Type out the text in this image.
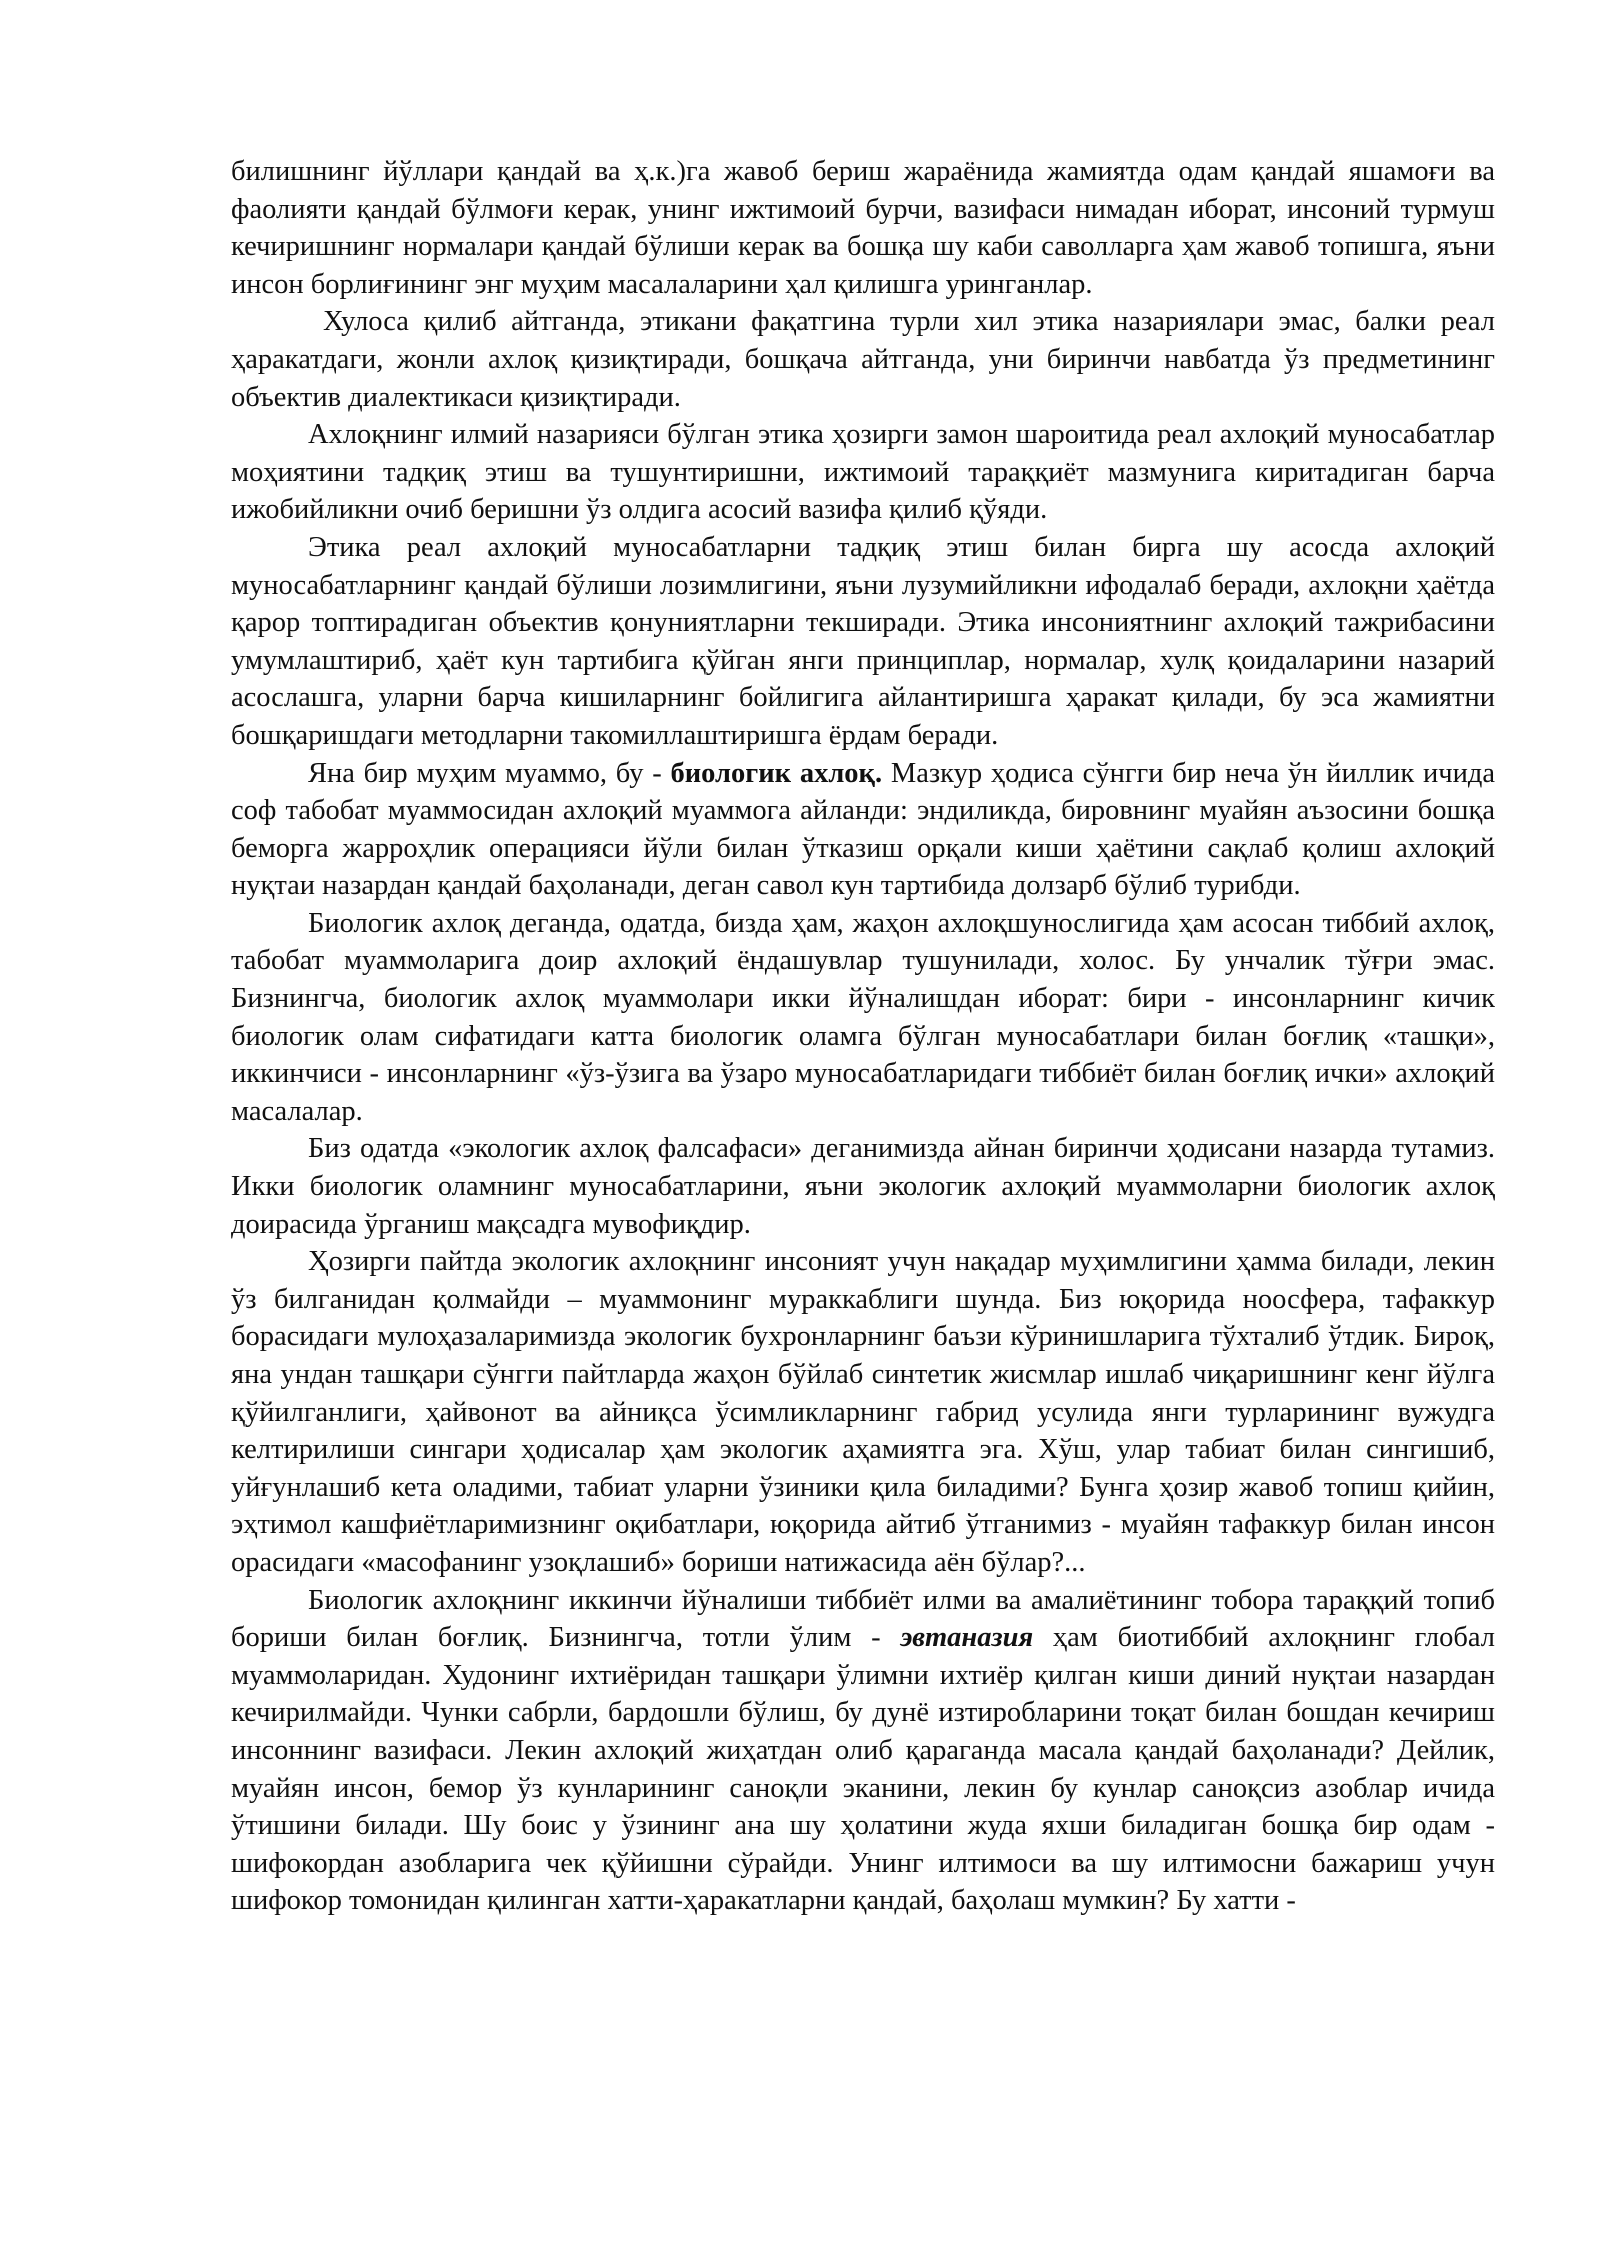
билишнинг йўллари қандай ва ҳ.к.)га жавоб бериш жараёнида жамиятда одам қандай яшамоғи ва фаолияти қандай бўлмоғи керак, унинг ижтимоий бурчи, вазифаси нимадан иборат, инсоний турмуш кечиришнинг нормалари қандай бўлиши керак ва бошқа шу каби саволларга ҳам жавоб топишга, яъни инсон борлиғининг энг муҳим масалаларини ҳал қилишга уринганлар.

Хулоса қилиб айтганда, этикани фақатгина турли хил этика назариялари эмас, балки реал ҳаракатдаги, жонли ахлоқ қизиқтиради, бошқача айтганда, уни биринчи навбатда ўз предметининг объектив диалектикаси қизиқтиради.

Ахлоқнинг илмий назарияси бўлган этика ҳозирги замон шароитида реал ахлоқий муносабатлар моҳиятини тадқиқ этиш ва тушунтиришни, ижтимоий тараққиёт мазмунига киритадиган барча ижобийликни очиб беришни ўз олдига асосий вазифа қилиб қўяди.

Этика реал ахлоқий муносабатларни тадқиқ этиш билан бирга шу асосда ахлоқий муносабатларнинг қандай бўлиши лозимлигини, яъни лузумийликни ифодалаб беради, ахлоқни ҳаётда қарор топтирадиган объектив қонуниятларни текширади. Этика инсониятнинг ахлоқий тажрибасини умумлаштириб, ҳаёт кун тартибига қўйган янги принциплар, нормалар, хулқ қоидаларини назарий асослашга, уларни барча кишиларнинг бойлигига айлантиришга ҳаракат қилади, бу эса жамиятни бошқаришдаги методларни такомиллаштиришга ёрдам беради.

Яна бир муҳим муаммо, бу - биологик ахлоқ. Мазкур ҳодиса сўнгги бир неча ўн йиллик ичида соф табобат муаммосидан ахлоқий муаммога айланди: эндиликда, бировнинг муайян аъзосини бошқа беморга жарроҳлик операцияси йўли билан ўтказиш орқали киши ҳаётини сақлаб қолиш ахлоқий нуқтаи назардан қандай баҳоланади, деган савол кун тартибида долзарб бўлиб турибди.

Биологик ахлоқ деганда, одатда, бизда ҳам, жаҳон ахлоқшунослигида ҳам асосан тиббий ахлоқ, табобат муаммоларига доир ахлоқий ёндашувлар тушунилади, холос. Бу унчалик тўғри эмас. Бизнингча, биологик ахлоқ муаммолари икки йўналишдан иборат: бири - инсонларнинг кичик биологик олам сифатидаги катта биологик оламга бўлган муносабатлари билан боғлиқ «ташқи», иккинчиси - инсонларнинг «ўз-ўзига ва ўзаро муносабатларидаги тиббиёт билан боғлиқ ички» ахлоқий масалалар.

Биз одатда «экологик ахлоқ фалсафаси» деганимизда айнан биринчи ҳодисани назарда тутамиз. Икки биологик оламнинг муносабатларини, яъни экологик ахлоқий муаммоларни биологик ахлоқ доирасида ўрганиш мақсадга мувофиқдир.

Ҳозирги пайтда экологик ахлоқнинг инсоният учун нақадар муҳимлигини ҳамма билади, лекин ўз билганидан қолмайди – муаммонинг мураккаблиги шунда. Биз юқорида ноосфера, тафаккур борасидаги мулоҳазаларимизда экологик бухронларнинг баъзи кўринишларига тўхталиб ўтдик. Бироқ, яна ундан ташқари сўнгги пайтларда жаҳон бўйлаб синтетик жисмлар ишлаб чиқаришнинг кенг йўлга қўйилганлиги, ҳайвонот ва айниқса ўсимликларнинг габрид усулида янги турларининг вужудга келтирилиши сингари ҳодисалар ҳам экологик аҳамиятга эга. Хўш, улар табиат билан сингишиб, уйғунлашиб кета оладими, табиат уларни ўзиники қила биладими? Бунга ҳозир жавоб топиш қийин, эҳтимол кашфиётларимизнинг оқибатлари, юқорида айтиб ўтганимиз - муайян тафаккур билан инсон орасидаги «масофанинг узоқлашиб» бориши натижасида аён бўлар?...

Биологик ахлоқнинг иккинчи йўналиши тиббиёт илми ва амалиётининг тобора тараққий топиб бориши билан боғлиқ. Бизнингча, тотли ўлим - эвтаназия ҳам биотиббий ахлоқнинг глобал муаммоларидан. Худонинг ихтиёридан ташқари ўлимни ихтиёр қилган киши диний нуқтаи назардан кечирилмайди. Чунки сабрли, бардошли бўлиш, бу дунё изтиробларини тоқат билан бошдан кечириш инсоннинг вазифаси. Лекин ахлоқий жиҳатдан олиб қараганда масала қандай баҳоланади? Дейлик, муайян инсон, бемор ўз кунларининг саноқли эканини, лекин бу кунлар саноқсиз азоблар ичида ўтишини билади. Шу боис у ўзининг ана шу ҳолатини жуда яхши биладиган бошқа бир одам - шифокордан азобларига чек қўйишни сўрайди. Унинг илтимоси ва шу илтимосни бажариш учун шифокор томонидан қилинган хатти-ҳаракатларни қандай, баҳолаш мумкин? Бу хатти -
